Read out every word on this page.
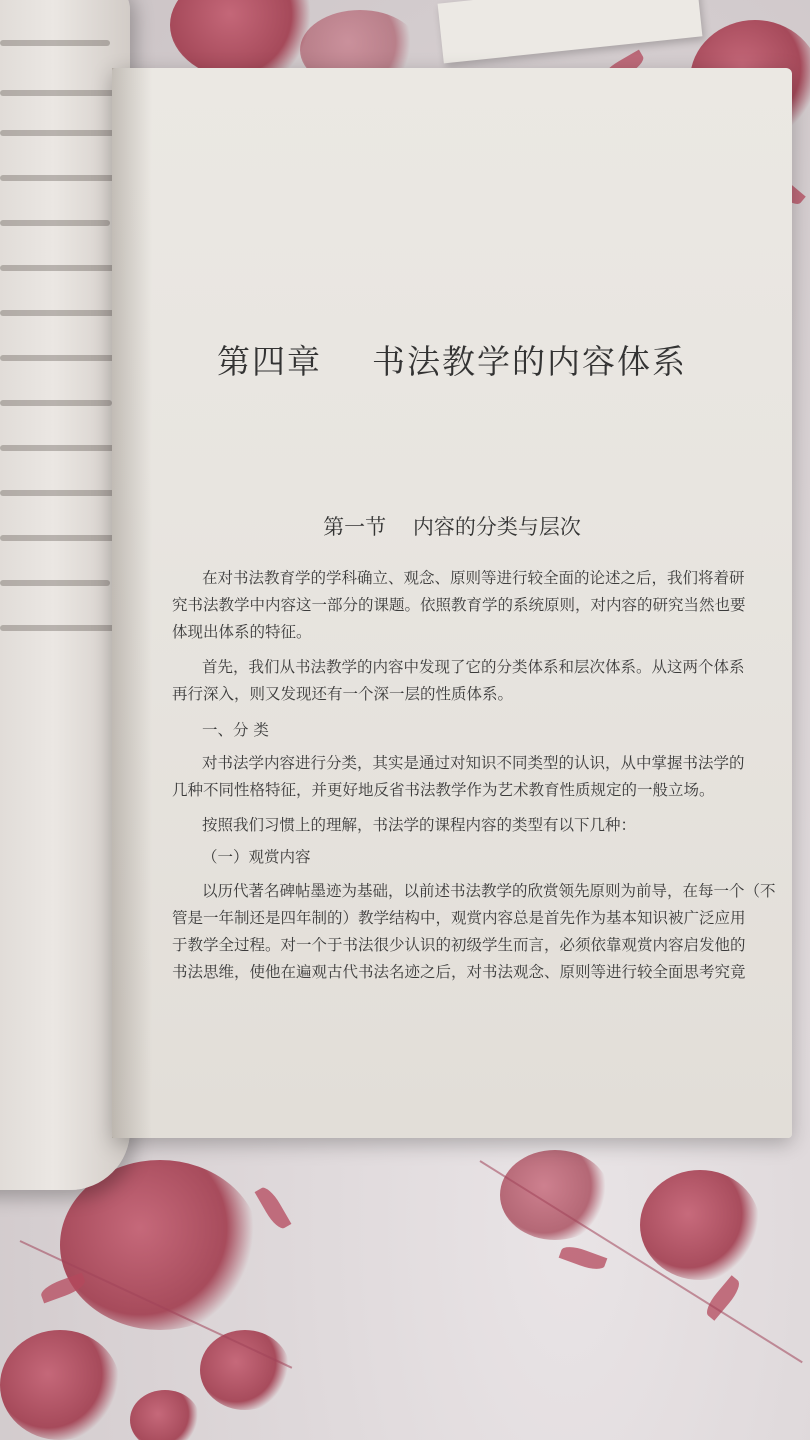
第四章    书法教学的内容体系
第一节    内容的分类与层次
在对书法教育学的学科确立、观念、原则等进行较全面的论述之后，我们将着研
究书法教学中内容这一部分的课题。依照教育学的系统原则，对内容的研究当然也要
体现出体系的特征。
首先，我们从书法教学的内容中发现了它的分类体系和层次体系。从这两个体系
再行深入，则又发现还有一个深一层的性质体系。
一、分 类
对书法学内容进行分类，其实是通过对知识不同类型的认识，从中掌握书法学的
几种不同性格特征，并更好地反省书法教学作为艺术教育性质规定的一般立场。
按照我们习惯上的理解，书法学的课程内容的类型有以下几种：
（一）观赏内容
以历代著名碑帖墨迹为基础，以前述书法教学的欣赏领先原则为前导，在每一个（不
管是一年制还是四年制的）教学结构中，观赏内容总是首先作为基本知识被广泛应用
于教学全过程。对一个于书法很少认识的初级学生而言，必须依靠观赏内容启发他的
书法思维，使他在遍观古代书法名迹之后，对书法观念、原则等进行较全面思考究竟
